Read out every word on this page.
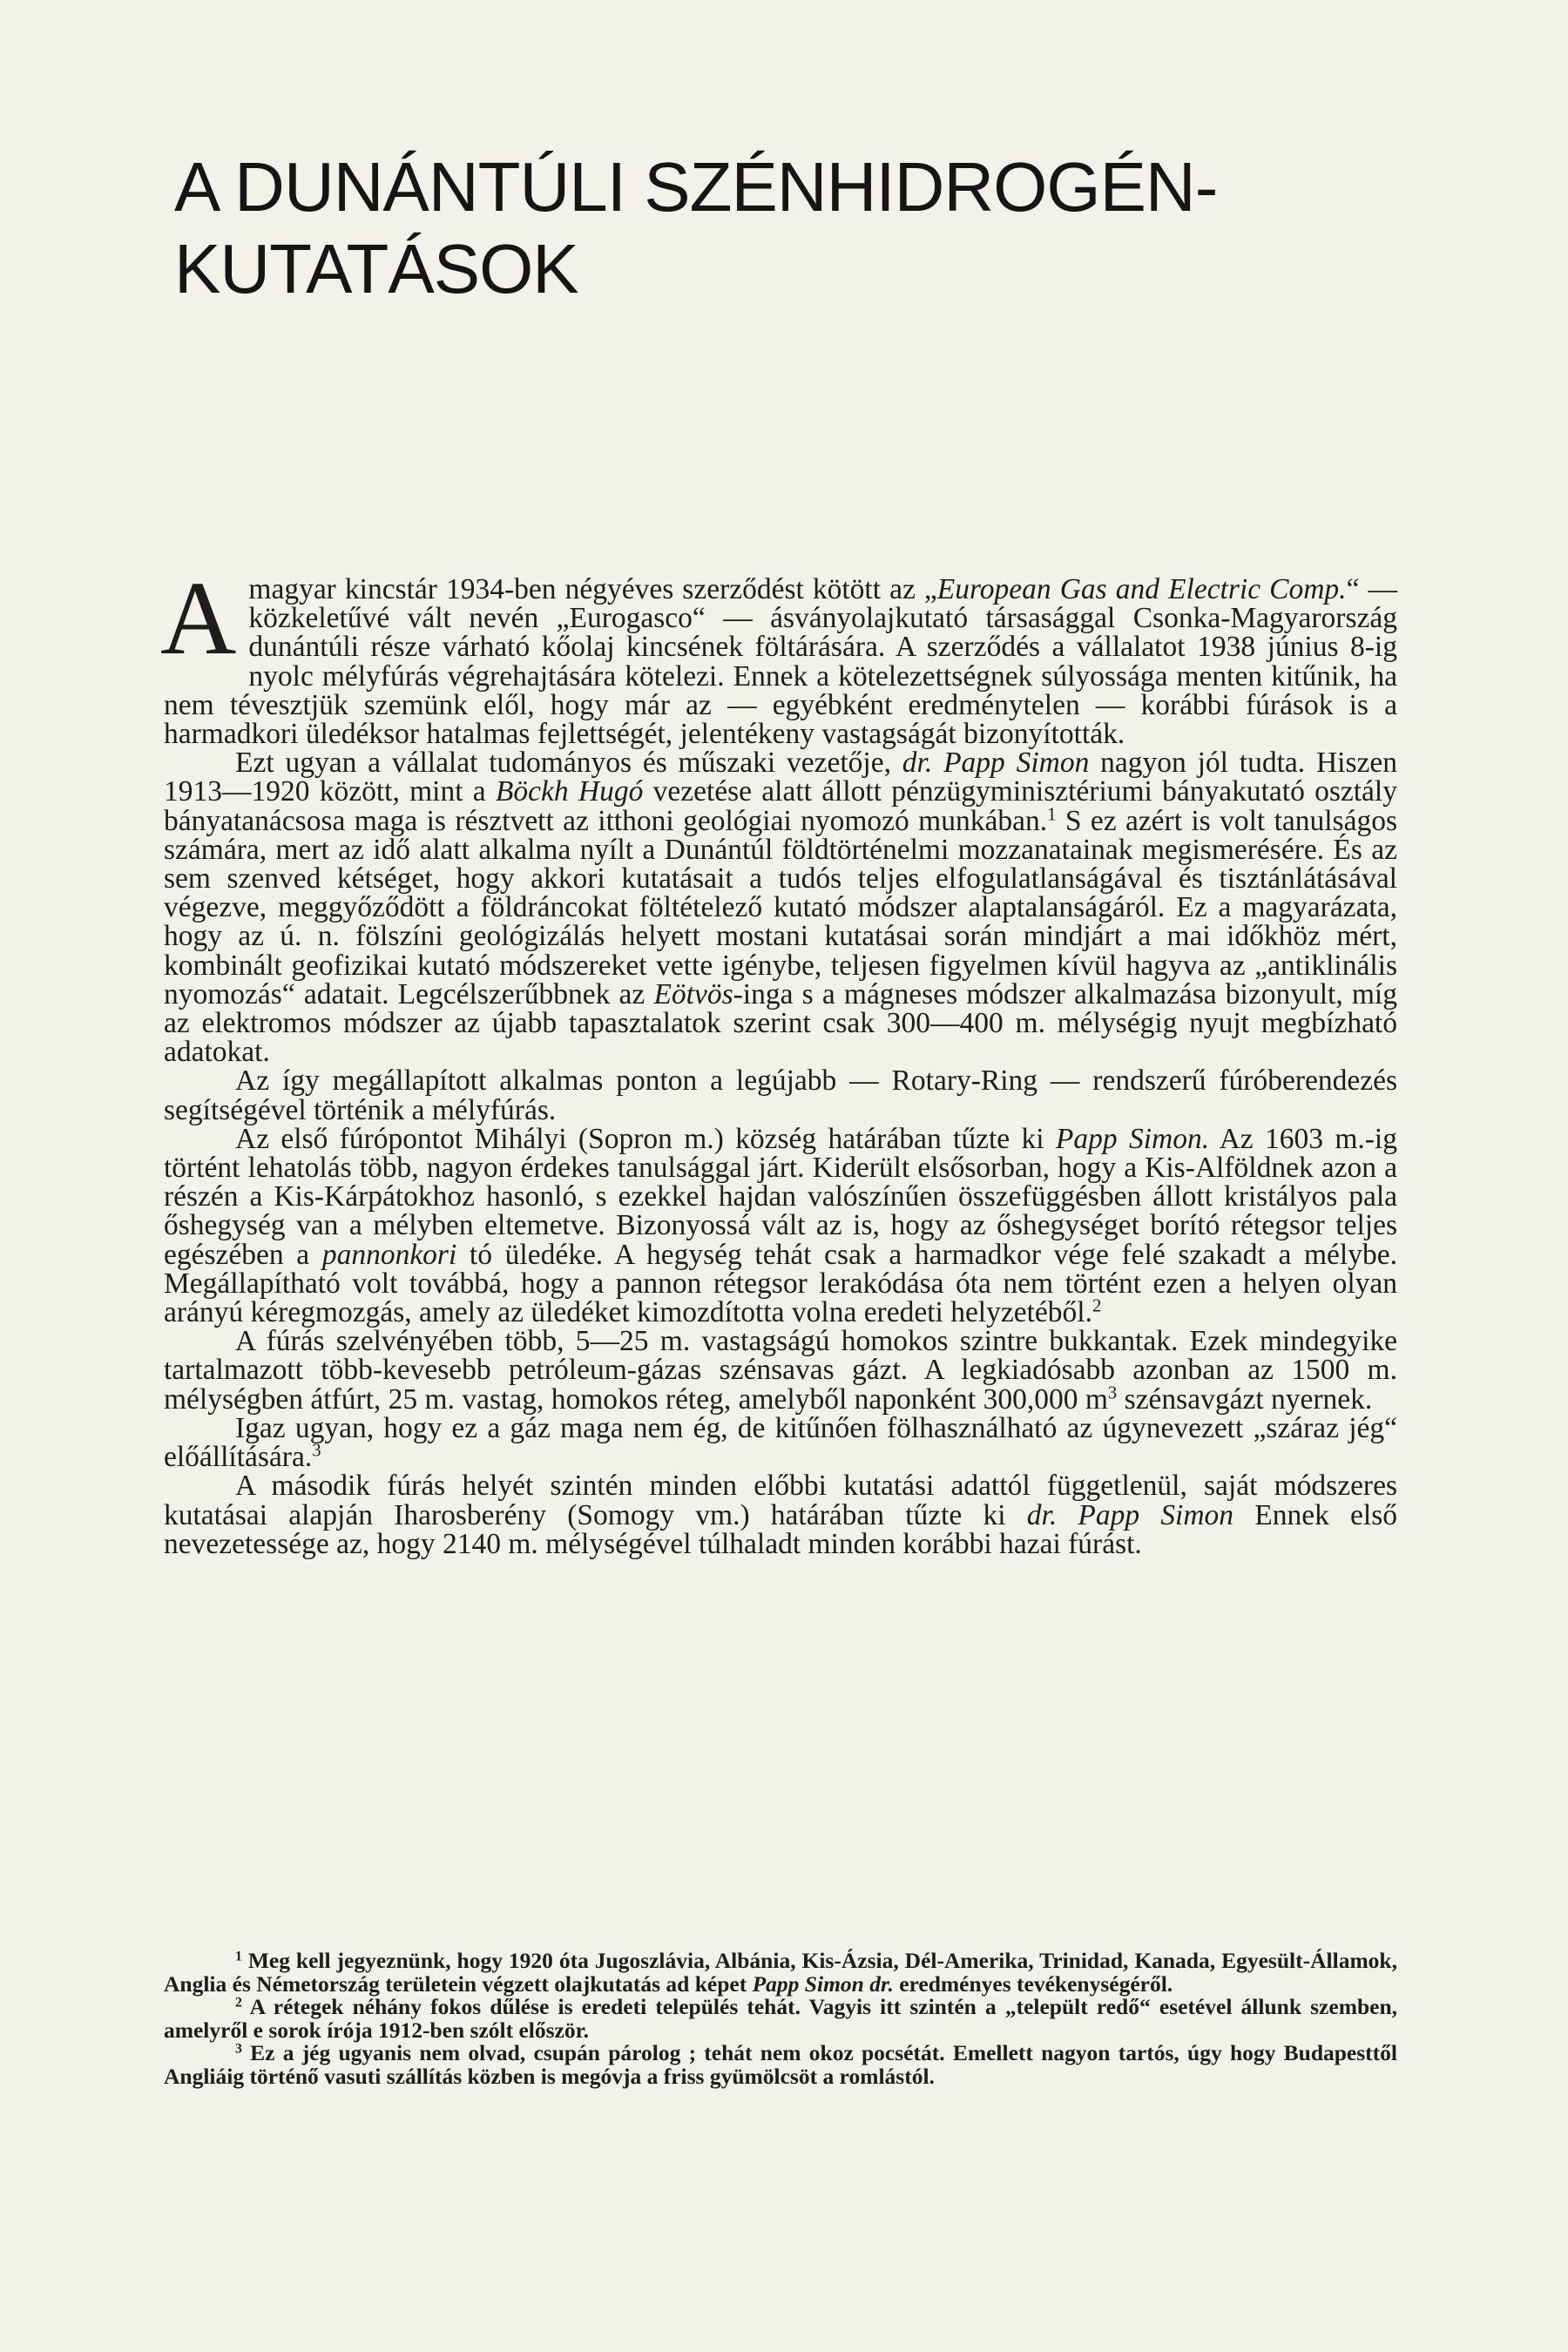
A DUNÁNTÚLI SZÉNHIDROGÉN-
KUTATÁSOK

A magyar kincstár 1934-ben négyéves szerződést kötött az „European Gas and Electric Comp.“ — közkeletűvé vált nevén „Eurogasco“ — ásványolajkutató társasággal Csonka-Magyarország dunántúli része várható kőolaj kincsének föltárására. A szerződés a vállalatot 1938 június 8-ig nyolc mélyfúrás végrehajtására kötelezi. Ennek a kötelezettségnek súlyossága menten kitűnik, ha nem tévesztjük szemünk elől, hogy már az — egyébként eredménytelen — korábbi fúrások is a harmadkori üledéksor hatalmas fejlettségét, jelentékeny vastagságát bizonyították.

Ezt ugyan a vállalat tudományos és műszaki vezetője, dr. Papp Simon nagyon jól tudta. Hiszen 1913—1920 között, mint a Böckh Hugó vezetése alatt állott pénzügyminisztériumi bányakutató osztály bányatanácsosa maga is résztvett az itthoni geológiai nyomozó munkában.$^1$ S ez azért is volt tanulságos számára, mert az idő alatt alkalma nyílt a Dunántúl földtörténelmi mozzanatainak megismerésére. És az sem szenved kétséget, hogy akkori kutatásait a tudós teljes elfogulatlanságával és tisztánlátásával végezve, meggyőződött a földráncokat föltételező kutató módszer alaptalanságáról. Ez a magyarázata, hogy az ú. n. fölszíni geológizálás helyett mostani kutatásai során mindjárt a mai időkhöz mért, kombinált geofizikai kutató módszereket vette igénybe, teljesen figyelmen kívül hagyva az „antiklinális nyomozás“ adatait. Legcélszerűbbnek az Eötvös-inga s a mágneses módszer alkalmazása bizonyult, míg az elektromos módszer az újabb tapasztalatok szerint csak 300—400 m. mélységig nyujt megbízható adatokat.

Az így megállapított alkalmas ponton a legújabb — Rotary-Ring — rendszerű fúróberendezés segítségével történik a mélyfúrás.

Az első fúrópontot Mihályi (Sopron m.) község határában tűzte ki Papp Simon. Az 1603 m.-ig történt lehatolás több, nagyon érdekes tanulsággal járt. Kiderült elsősorban, hogy a Kis-Alföldnek azon a részén a Kis-Kárpátokhoz hasonló, s ezekkel hajdan valószínűen összefüggésben állott kristályos pala őshegység van a mélyben eltemetve. Bizonyossá vált az is, hogy az őshegységet borító rétegsor teljes egészében a pannonkori tó üledéke. A hegység tehát csak a harmadkor vége felé szakadt a mélybe. Megállapítható volt továbbá, hogy a pannon rétegsor lerakódása óta nem történt ezen a helyen olyan arányú kéregmozgás, amely az üledéket kimozdította volna eredeti helyzetéből.$^2$

A fúrás szelvényében több, 5—25 m. vastagságú homokos szintre bukkantak. Ezek mindegyike tartalmazott több-kevesebb petróleum-gázas szénsavas gázt. A legkiadósabb azonban az 1500 m. mélységben átfúrt, 25 m. vastag, homokos réteg, amelyből naponként 300,000 $m^3$ szénsavgázt nyernek.

Igaz ugyan, hogy ez a gáz maga nem ég, de kitűnően fölhasználható az úgynevezett „száraz jég“ előállítására.$^3$

A második fúrás helyét szintén minden előbbi kutatási adattól függetlenül, saját módszeres kutatásai alapján Iharosberény (Somogy vm.) határában tűzte ki dr. Papp Simon Ennek első nevezetessége az, hogy 2140 m. mélységével túlhaladt minden korábbi hazai fúrást.

$^1$ Meg kell jegyeznünk, hogy 1920 óta Jugoszlávia, Albánia, Kis-Ázsia, Dél-Amerika, Trinidad, Kanada, Egyesült-Államok, Anglia és Németország területein végzett olajkutatás ad képet Papp Simon dr. eredményes tevékenységéről.

$^2$ A rétegek néhány fokos dűlése is eredeti település tehát. Vagyis itt szintén a „települt redő“ esetével állunk szemben, amelyről e sorok írója 1912-ben szólt először.

$^3$ Ez a jég ugyanis nem olvad, csupán párolog ; tehát nem okoz pocsétát. Emellett nagyon tartós, úgy hogy Budapesttől Angliáig történő vasuti szállítás közben is megóvja a friss gyümölcsöt a romlástól.
